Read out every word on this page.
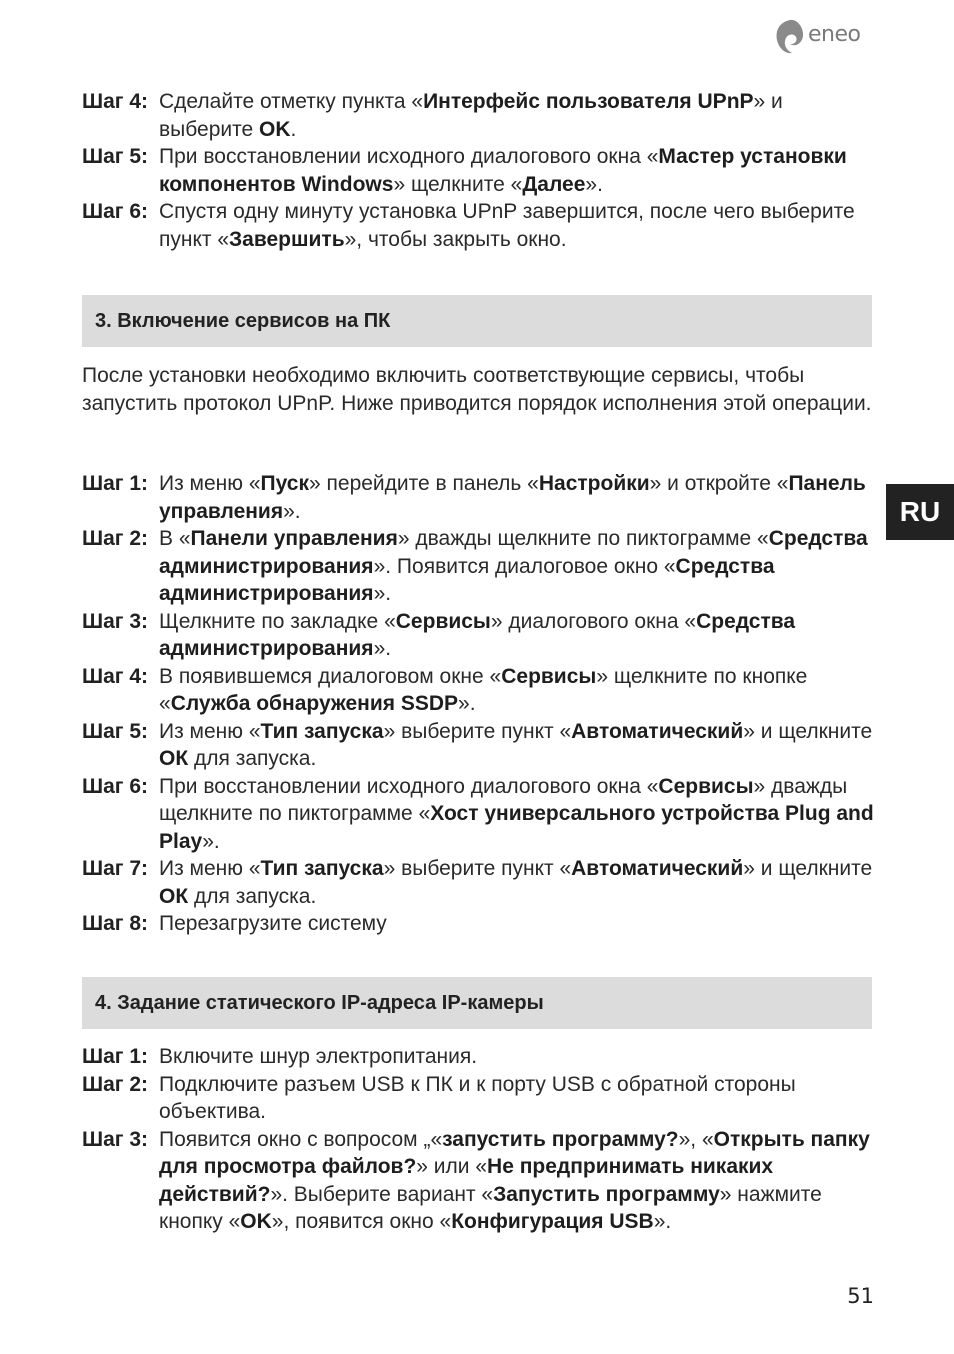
eneo
RU
Шаг 4: Сделайте отметку пункта «Интерфейс пользователя UPnP» и выберите OK.
Шаг 5: При восстановлении исходного диалогового окна «Мастер установки компонентов Windows» щелкните «Далее».
Шаг 6: Спустя одну минуту установка UPnP завершится, после чего выберите пункт «Завершить», чтобы закрыть окно.
3. Включение сервисов на ПК
После установки необходимо включить соответствующие сервисы, чтобы запустить протокол UPnP. Ниже приводится порядок исполнения этой операции.
Шаг 1: Из меню «Пуск» перейдите в панель «Настройки» и откройте «Панель управления».
Шаг 2: В «Панели управления» дважды щелкните по пиктограмме «Средства администрирования». Появится диалоговое окно «Средства администрирования».
Шаг 3: Щелкните по закладке «Сервисы» диалогового окна «Средства администрирования».
Шаг 4: В появившемся диалоговом окне «Сервисы» щелкните по кнопке «Служба обнаружения SSDP».
Шаг 5: Из меню «Тип запуска» выберите пункт «Автоматический» и щелкните ОК для запуска.
Шаг 6: При восстановлении исходного диалогового окна «Сервисы» дважды щелкните по пиктограмме «Хост универсального устройства Plug and Play».
Шаг 7: Из меню «Тип запуска» выберите пункт «Автоматический» и щелкните ОК для запуска.
Шаг 8: Перезагрузите систему
4. Задание статического IP-адреса IP-камеры
Шаг 1: Включите шнур электропитания.
Шаг 2: Подключите разъем USB к ПК и к порту USB с обратной стороны объектива.
Шаг 3: Появится окно с вопросом „«запустить программу?», «Открыть папку для просмотра файлов?» или «Не предпринимать никаких действий?». Выберите вариант «Запустить программу» нажмите кнопку «OK», появится окно «Конфигурация USB».
51
